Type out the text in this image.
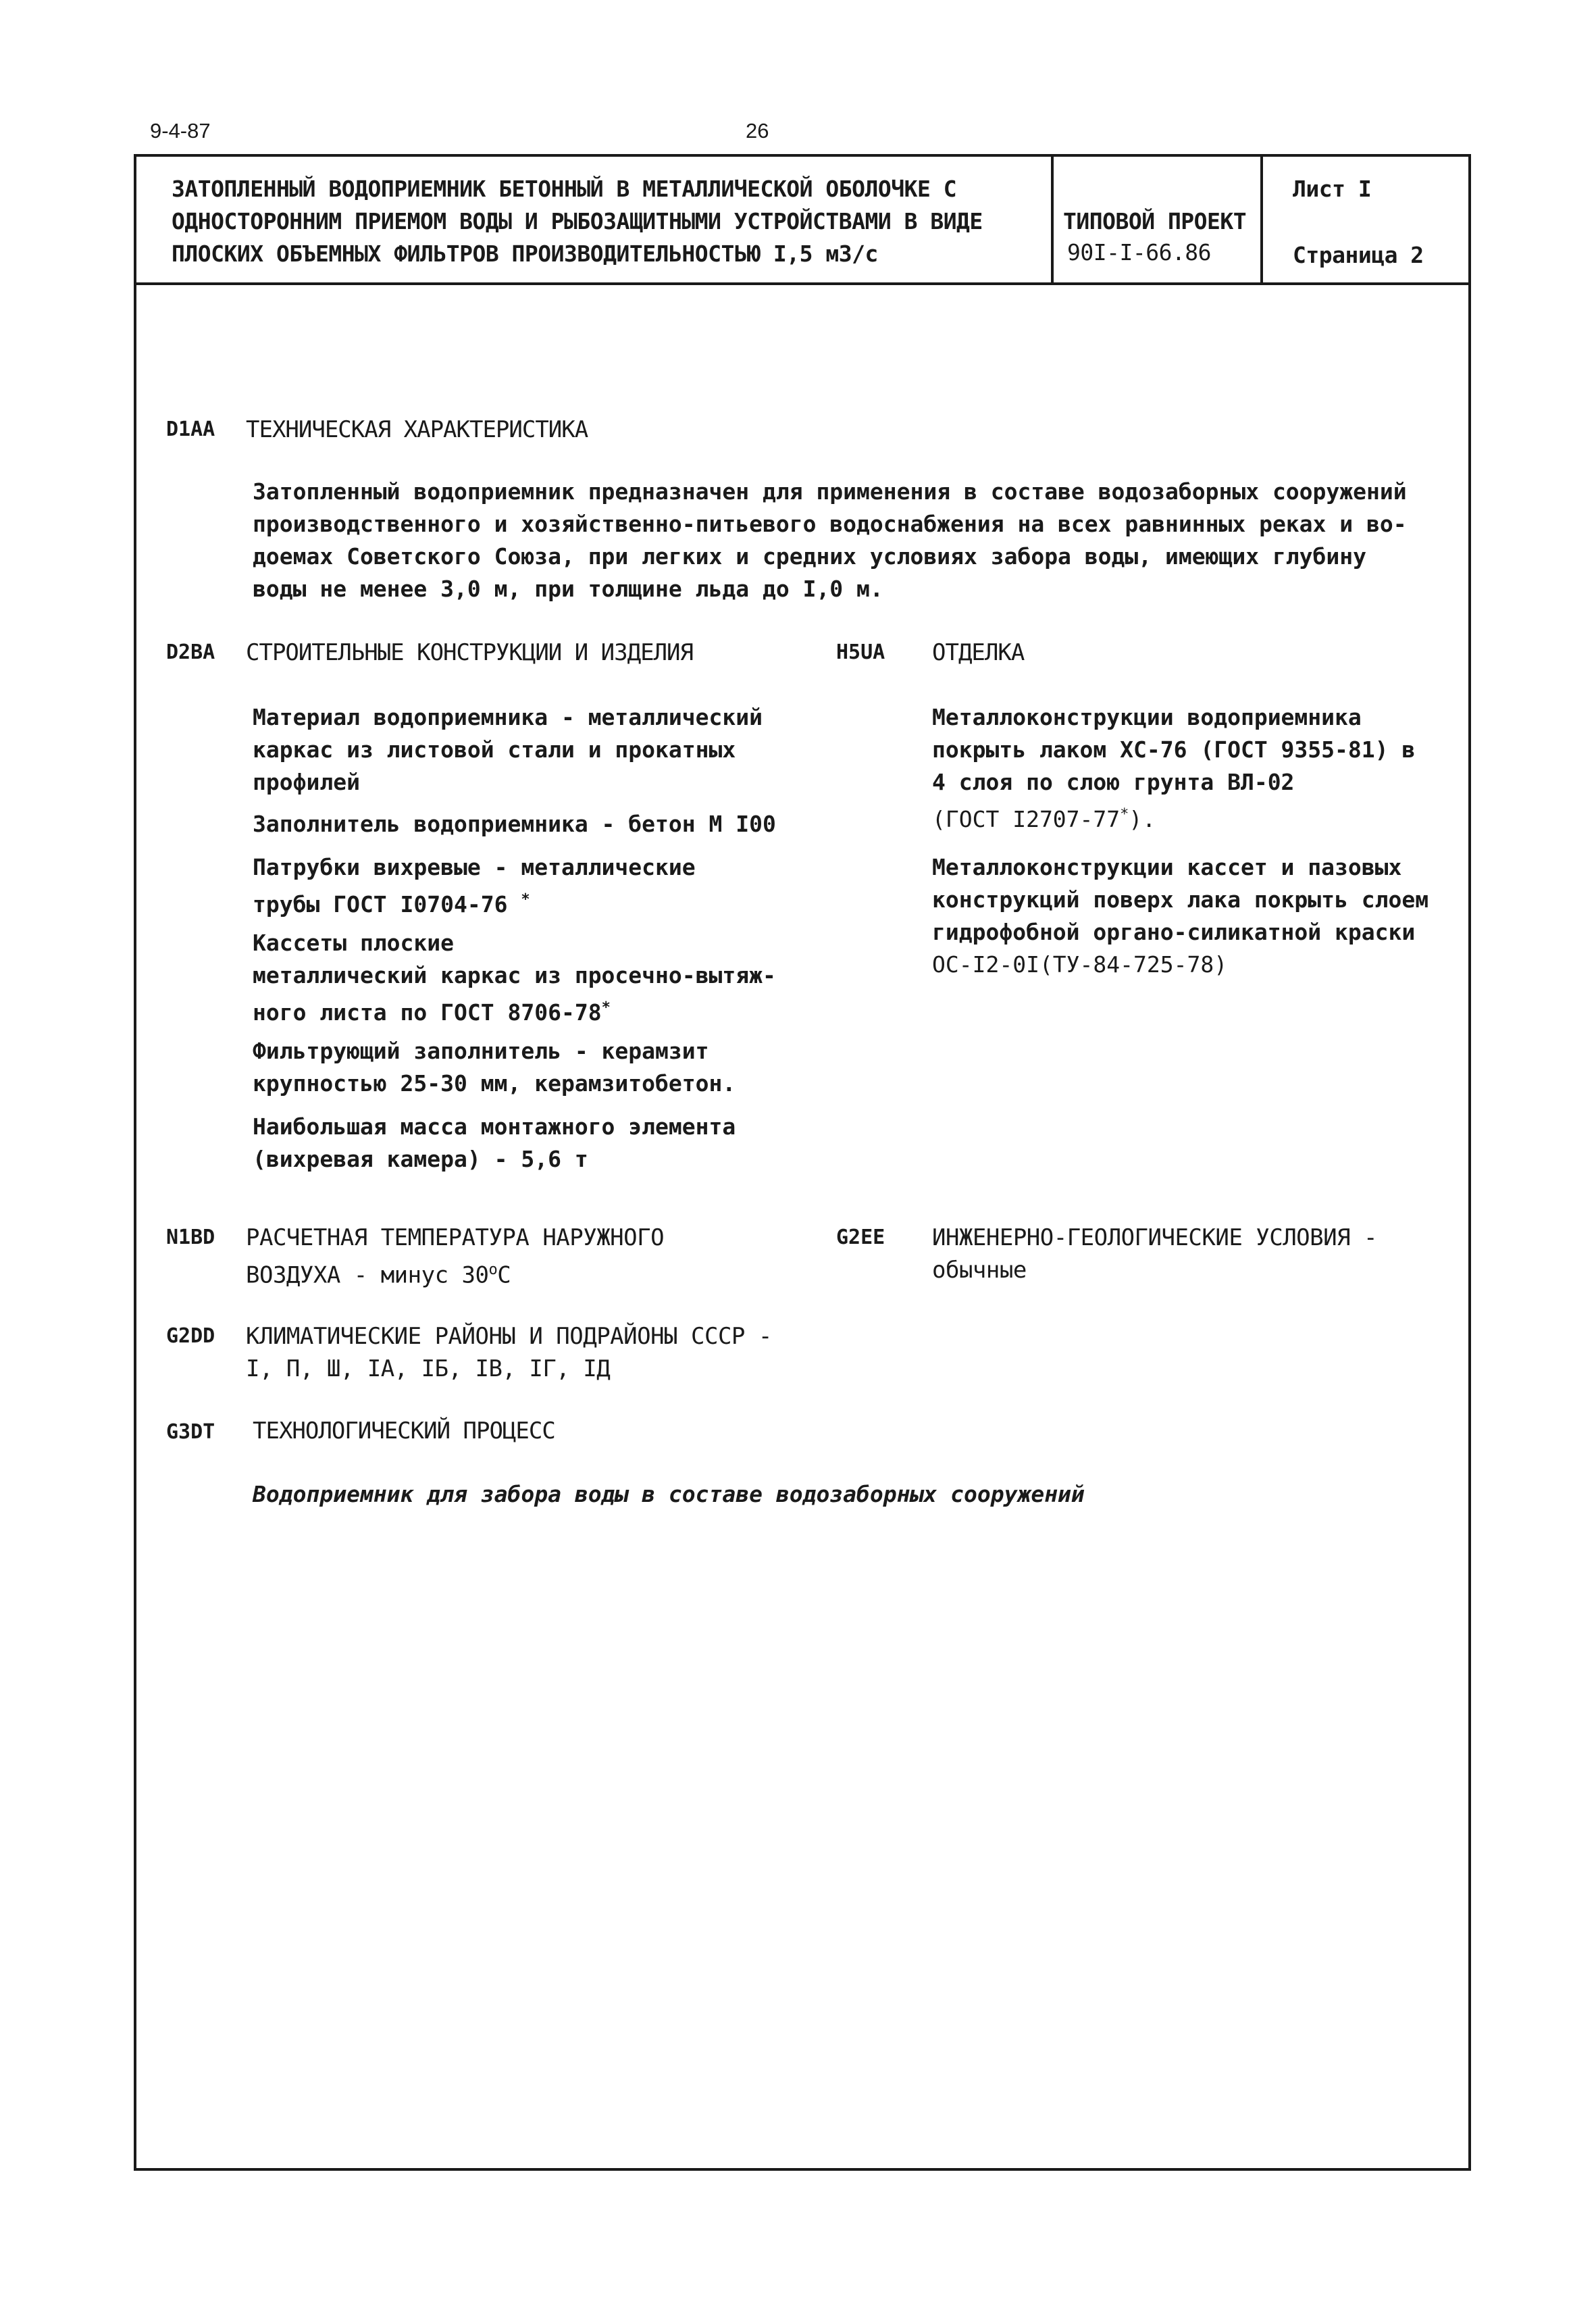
9-4-87	26
ЗАТОПЛЕННЫЙ ВОДОПРИЕМНИК БЕТОННЫЙ В МЕТАЛЛИЧЕСКОЙ ОБОЛОЧКЕ С
ОДНОСТОРОННИМ ПРИЕМОМ ВОДЫ И РЫБОЗАЩИТНЫМИ УСТРОЙСТВАМИ В ВИДЕ
ПЛОСКИХ ОБЪЕМНЫХ ФИЛЬТРОВ ПРОИЗВОДИТЕЛЬНОСТЬЮ I,5 м3/с
ТИПОВОЙ ПРОЕКТ
90I-I-66.86
Лист I
Страница 2
D1AA ТЕХНИЧЕСКАЯ ХАРАКТЕРИСТИКА
Затопленный водоприемник предназначен для применения в составе водозаборных сооружений
производственного и хозяйственно-питьевого водоснабжения на всех равнинных реках и во-
доемах Советского Союза, при легких и средних условиях забора воды, имеющих глубину
воды не менее 3,0 м, при толщине льда до I,0 м.
D2BA СТРОИТЕЛЬНЫЕ КОНСТРУКЦИИ И ИЗДЕЛИЯ
Материал водоприемника - металлический
каркас из листовой стали и прокатных
профилей
Заполнитель водоприемника - бетон М I00
Патрубки вихревые - металлические
трубы ГОСТ I0704-76 *
Кассеты плоские
металлический каркас из просечно-вытяж-
ного листа по ГОСТ 8706-78*
Фильтрующий заполнитель - керамзит
крупностью 25-30 мм, керамзитобетон.
Наибольшая масса монтажного элемента
(вихревая камера) - 5,6 т
H5UA ОТДЕЛКА
Металлоконструкции водоприемника
покрыть лаком ХС-76 (ГОСТ 9355-81) в
4 слоя по слою грунта ВЛ-02
(ГОСТ I2707-77*).
Металлоконструкции кассет и пазовых
конструкций поверх лака покрыть слоем
гидрофобной органо-силикатной краски
ОС-I2-0I(ТУ-84-725-78)
N1BD РАСЧЕТНАЯ ТЕМПЕРАТУРА НАРУЖНОГО
ВОЗДУХА - минус $30^оС$
G2EE ИНЖЕНЕРНО-ГЕОЛОГИЧЕСКИЕ УСЛОВИЯ -
обычные
G2DD КЛИМАТИЧЕСКИЕ РАЙОНЫ И ПОДРАЙОНЫ СССР -
I, П, Ш, IА, IБ, IВ, IГ, IД
G3DT ТЕХНОЛОГИЧЕСКИЙ ПРОЦЕСС
Водоприемник для забора воды в составе водозаборных сооружений
